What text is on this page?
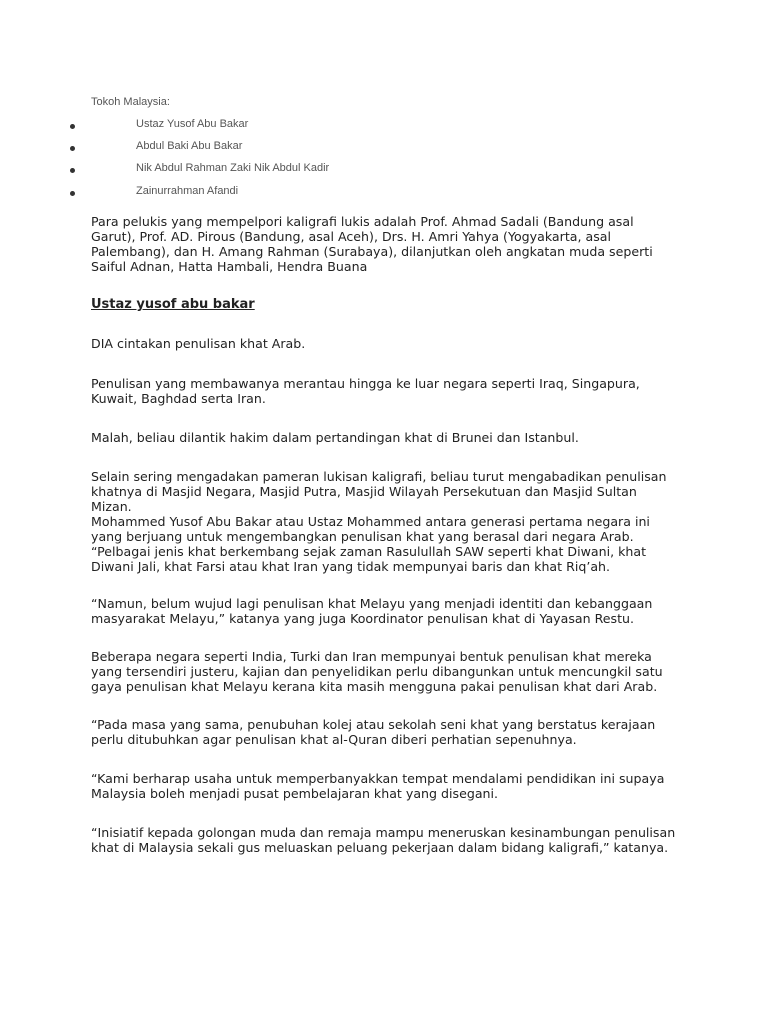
Tokoh Malaysia:
Ustaz Yusof Abu Bakar
Abdul Baki Abu Bakar
Nik Abdul Rahman Zaki Nik Abdul Kadir
Zainurrahman Afandi

Para pelukis yang mempelpori kaligrafi lukis adalah Prof. Ahmad Sadali (Bandung asal
Garut), Prof. AD. Pirous (Bandung, asal Aceh), Drs. H. Amri Yahya (Yogyakarta, asal
Palembang), dan H. Amang Rahman (Surabaya), dilanjutkan oleh angkatan muda seperti
Saiful Adnan, Hatta Hambali, Hendra Buana

Ustaz yusof abu bakar

DIA cintakan penulisan khat Arab.

Penulisan yang membawanya merantau hingga ke luar negara seperti Iraq, Singapura,
Kuwait, Baghdad serta Iran.

Malah, beliau dilantik hakim dalam pertandingan khat di Brunei dan Istanbul.

Selain sering mengadakan pameran lukisan kaligrafi, beliau turut mengabadikan penulisan
khatnya di Masjid Negara, Masjid Putra, Masjid Wilayah Persekutuan dan Masjid Sultan
Mizan.
Mohammed Yusof Abu Bakar atau Ustaz Mohammed antara generasi pertama negara ini
yang berjuang untuk mengembangkan penulisan khat yang berasal dari negara Arab.
“Pelbagai jenis khat berkembang sejak zaman Rasulullah SAW seperti khat Diwani, khat
Diwani Jali, khat Farsi atau khat Iran yang tidak mempunyai baris dan khat Riq’ah.

“Namun, belum wujud lagi penulisan khat Melayu yang menjadi identiti dan kebanggaan
masyarakat Melayu,” katanya yang juga Koordinator penulisan khat di Yayasan Restu.

Beberapa negara seperti India, Turki dan Iran mempunyai bentuk penulisan khat mereka
yang tersendiri justeru, kajian dan penyelidikan perlu dibangunkan untuk mencungkil satu
gaya penulisan khat Melayu kerana kita masih mengguna pakai penulisan khat dari Arab.

“Pada masa yang sama, penubuhan kolej atau sekolah seni khat yang berstatus kerajaan
perlu ditubuhkan agar penulisan khat al-Quran diberi perhatian sepenuhnya.

“Kami berharap usaha untuk memperbanyakkan tempat mendalami pendidikan ini supaya
Malaysia boleh menjadi pusat pembelajaran khat yang disegani.

“Inisiatif kepada golongan muda dan remaja mampu meneruskan kesinambungan penulisan
khat di Malaysia sekali gus meluaskan peluang pekerjaan dalam bidang kaligrafi,” katanya.
